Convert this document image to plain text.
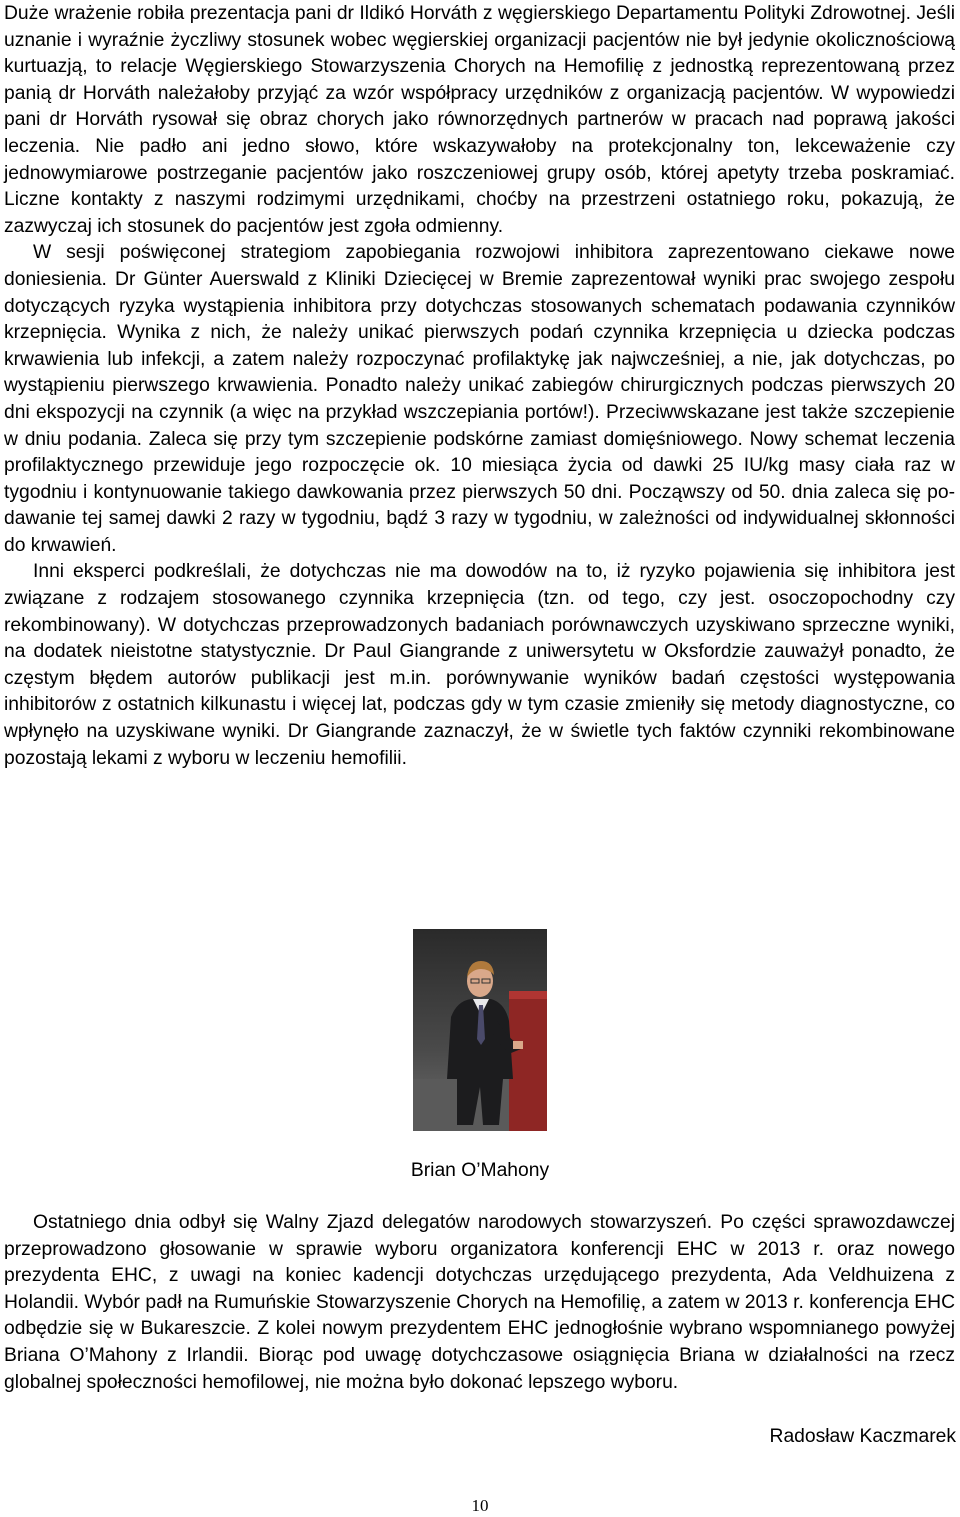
Duże wrażenie robiła prezentacja pani dr Ildikó Horváth z węgierskiego Departamentu Polityki Zdrowotnej. Jeśli uznanie i wyraźnie życzliwy stosunek wobec węgierskiej organizacji pacjentów nie był jedynie okolicznościową kurtuazją, to relacje Węgierskiego Stowarzyszenia Chorych na Hemofilię z jednostką reprezentowaną przez panią dr Horváth należałoby przyjąć za wzór współpracy urzędników z organizacją pacjentów. W wypowiedzi pani dr Horváth rysował się obraz chorych jako równorzędnych partnerów w pracach nad poprawą jakości leczenia. Nie padło ani jedno słowo, które wskazywałoby na protekcjonalny ton, lekceważenie czy jednowymiarowe postrzeganie pacjentów jako roszczeniowej grupy osób, której apetyty trzeba poskramiać. Liczne kontakty z naszymi rodzimymi urzędnikami, choćby na przestrzeni ostatniego roku, pokazują, że zazwyczaj ich stosunek do pacjentów jest zgoła odmienny.

W sesji poświęconej strategiom zapobiegania rozwojowi inhibitora zaprezentowano ciekawe nowe doniesienia. Dr Günter Auerswald z Kliniki Dziecięcej w Bremie zaprezentował wyniki prac swojego zespołu dotyczących ryzyka wystąpienia inhibitora przy dotychczas stosowanych schematach podawania czynników krzepnięcia. Wynika z nich, że należy unikać pierwszych podań czynnika krzepnięcia u dziecka podczas krwawienia lub infekcji, a zatem należy rozpoczynać profilaktykę jak najwcześniej, a nie, jak dotychczas, po wystąpieniu pierwszego krwawienia. Ponadto należy unikać zabiegów chirurgicznych podczas pierwszych 20 dni ekspozycji na czynnik (a więc na przykład wszczepiania portów!). Przeciwwskazane jest także szczepienie w dniu podania. Zaleca się przy tym szczepienie podskórne zamiast domięśniowego. Nowy schemat leczenia profilaktycznego przewiduje jego rozpoczęcie ok. 10 miesiąca życia od dawki 25 IU/kg masy ciała raz w tygodniu i kontynuowanie takiego dawkowania przez pierwszych 50 dni. Począwszy od 50. dnia zaleca się podawanie tej samej dawki 2 razy w tygodniu, bądź 3 razy w tygodniu, w zależności od indywidualnej skłonności do krwawień.

Inni eksperci podkreślali, że dotychczas nie ma dowodów na to, iż ryzyko pojawienia się inhibitora jest związane z rodzajem stosowanego czynnika krzepnięcia (tzn. od tego, czy jest. osoczopochodny czy rekombinowany). W dotychczas przeprowadzonych badaniach porównawczych uzyskiwano sprzeczne wyniki, na dodatek nieistotne statystycznie. Dr Paul Giangrande z uniwersytetu w Oksfordzie zauważył ponadto, że częstym błędem autorów publikacji jest m.in. porównywanie wyników badań częstości występowania inhibitorów z ostatnich kilkunastu i więcej lat, podczas gdy w tym czasie zmieniły się metody diagnostyczne, co wpłynęło na uzyskiwane wyniki. Dr Giangrande zaznaczył, że w świetle tych faktów czynniki rekombinowane pozostają lekami z wyboru w leczeniu hemofilii.

Brian O’Mahony

Ostatniego dnia odbył się Walny Zjazd delegatów narodowych stowarzyszeń. Po części sprawozdawczej przeprowadzono głosowanie w sprawie wyboru organizatora konferencji EHC w 2013 r. oraz nowego prezydenta EHC, z uwagi na koniec kadencji dotychczas urzędującego prezydenta, Ada Veldhuizena z Holandii. Wybór padł na Rumuńskie Stowarzyszenie Chorych na Hemofilię, a zatem w 2013 r. konferencja EHC odbędzie się w Bukareszcie. Z kolei nowym prezydentem EHC jednogłośnie wybrano wspomnianego powyżej Briana O’Mahony z Irlandii. Biorąc pod uwagę dotychczasowe osiągnięcia Briana w działalności na rzecz globalnej społeczności hemofilowej, nie można było dokonać lepszego wyboru.

Radosław Kaczmarek
10
